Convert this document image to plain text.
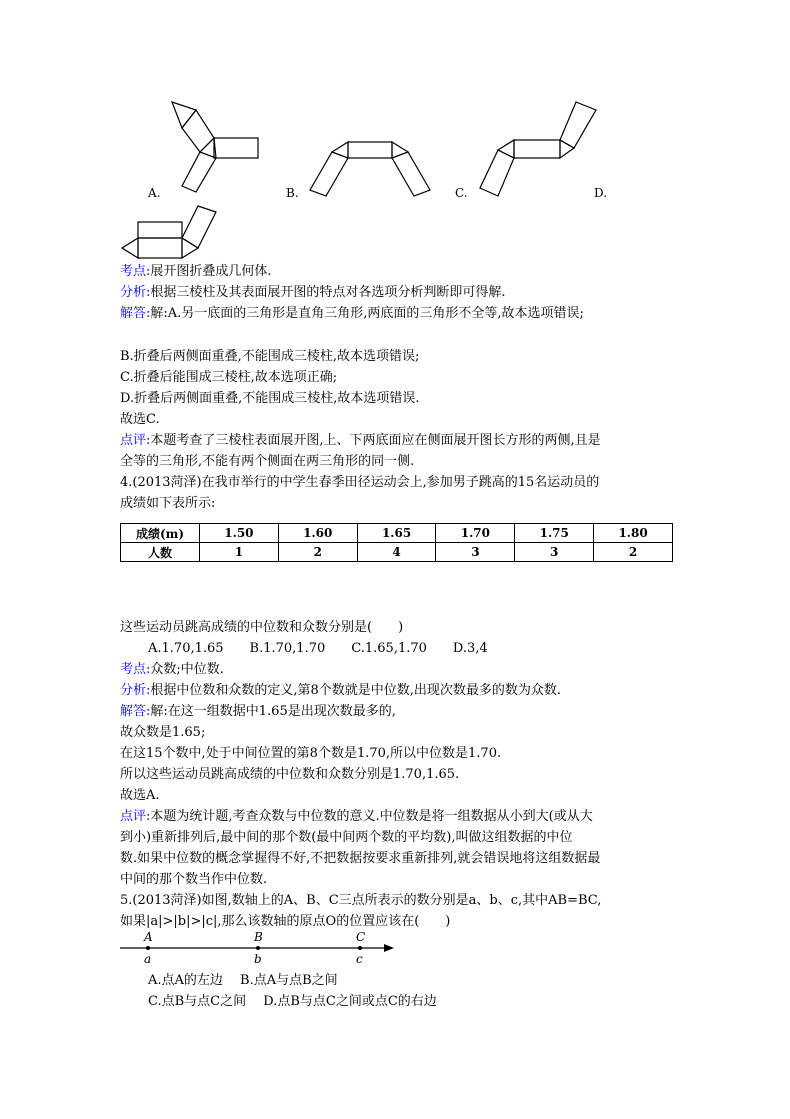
A.	B.	C.	D.
考点:展开图折叠成几何体.
分析:根据三棱柱及其表面展开图的特点对各选项分析判断即可得解.
解答:解:A.另一底面的三角形是直角三角形,两底面的三角形不全等,故本选项错误;
B.折叠后两侧面重叠,不能围成三棱柱,故本选项错误;
C.折叠后能围成三棱柱,故本选项正确;
D.折叠后两侧面重叠,不能围成三棱柱,故本选项错误.
故选C.
点评:本题考查了三棱柱表面展开图,上、下两底面应在侧面展开图长方形的两侧,且是
全等的三角形,不能有两个侧面在两三角形的同一侧.
4.(2013菏泽)在我市举行的中学生春季田径运动会上,参加男子跳高的15名运动员的
成绩如下表所示:
成绩(m)	1.50	1.60	1.65	1.70	1.75	1.80
人数	1	2	4	3	3	2
这些运动员跳高成绩的中位数和众数分别是(　　)
A.1.70,1.65　　B.1.70,1.70　　C.1.65,1.70　　D.3,4
考点:众数;中位数.
分析:根据中位数和众数的定义,第8个数就是中位数,出现次数最多的数为众数.
解答:解:在这一组数据中1.65是出现次数最多的,
故众数是1.65;
在这15个数中,处于中间位置的第8个数是1.70,所以中位数是1.70.
所以这些运动员跳高成绩的中位数和众数分别是1.70,1.65.
故选A.
点评:本题为统计题,考查众数与中位数的意义.中位数是将一组数据从小到大(或从大
到小)重新排列后,最中间的那个数(最中间两个数的平均数),叫做这组数据的中位
数.如果中位数的概念掌握得不好,不把数据按要求重新排列,就会错误地将这组数据最
中间的那个数当作中位数.
5.(2013菏泽)如图,数轴上的A、B、C三点所表示的数分别是a、b、c,其中AB=BC,
如果|a|>|b|>|c|,那么该数轴的原点O的位置应该在(　　)
A	B	C
a	b	c
A.点A的左边　 B.点A与点B之间
C.点B与点C之间　 D.点B与点C之间或点C的右边
